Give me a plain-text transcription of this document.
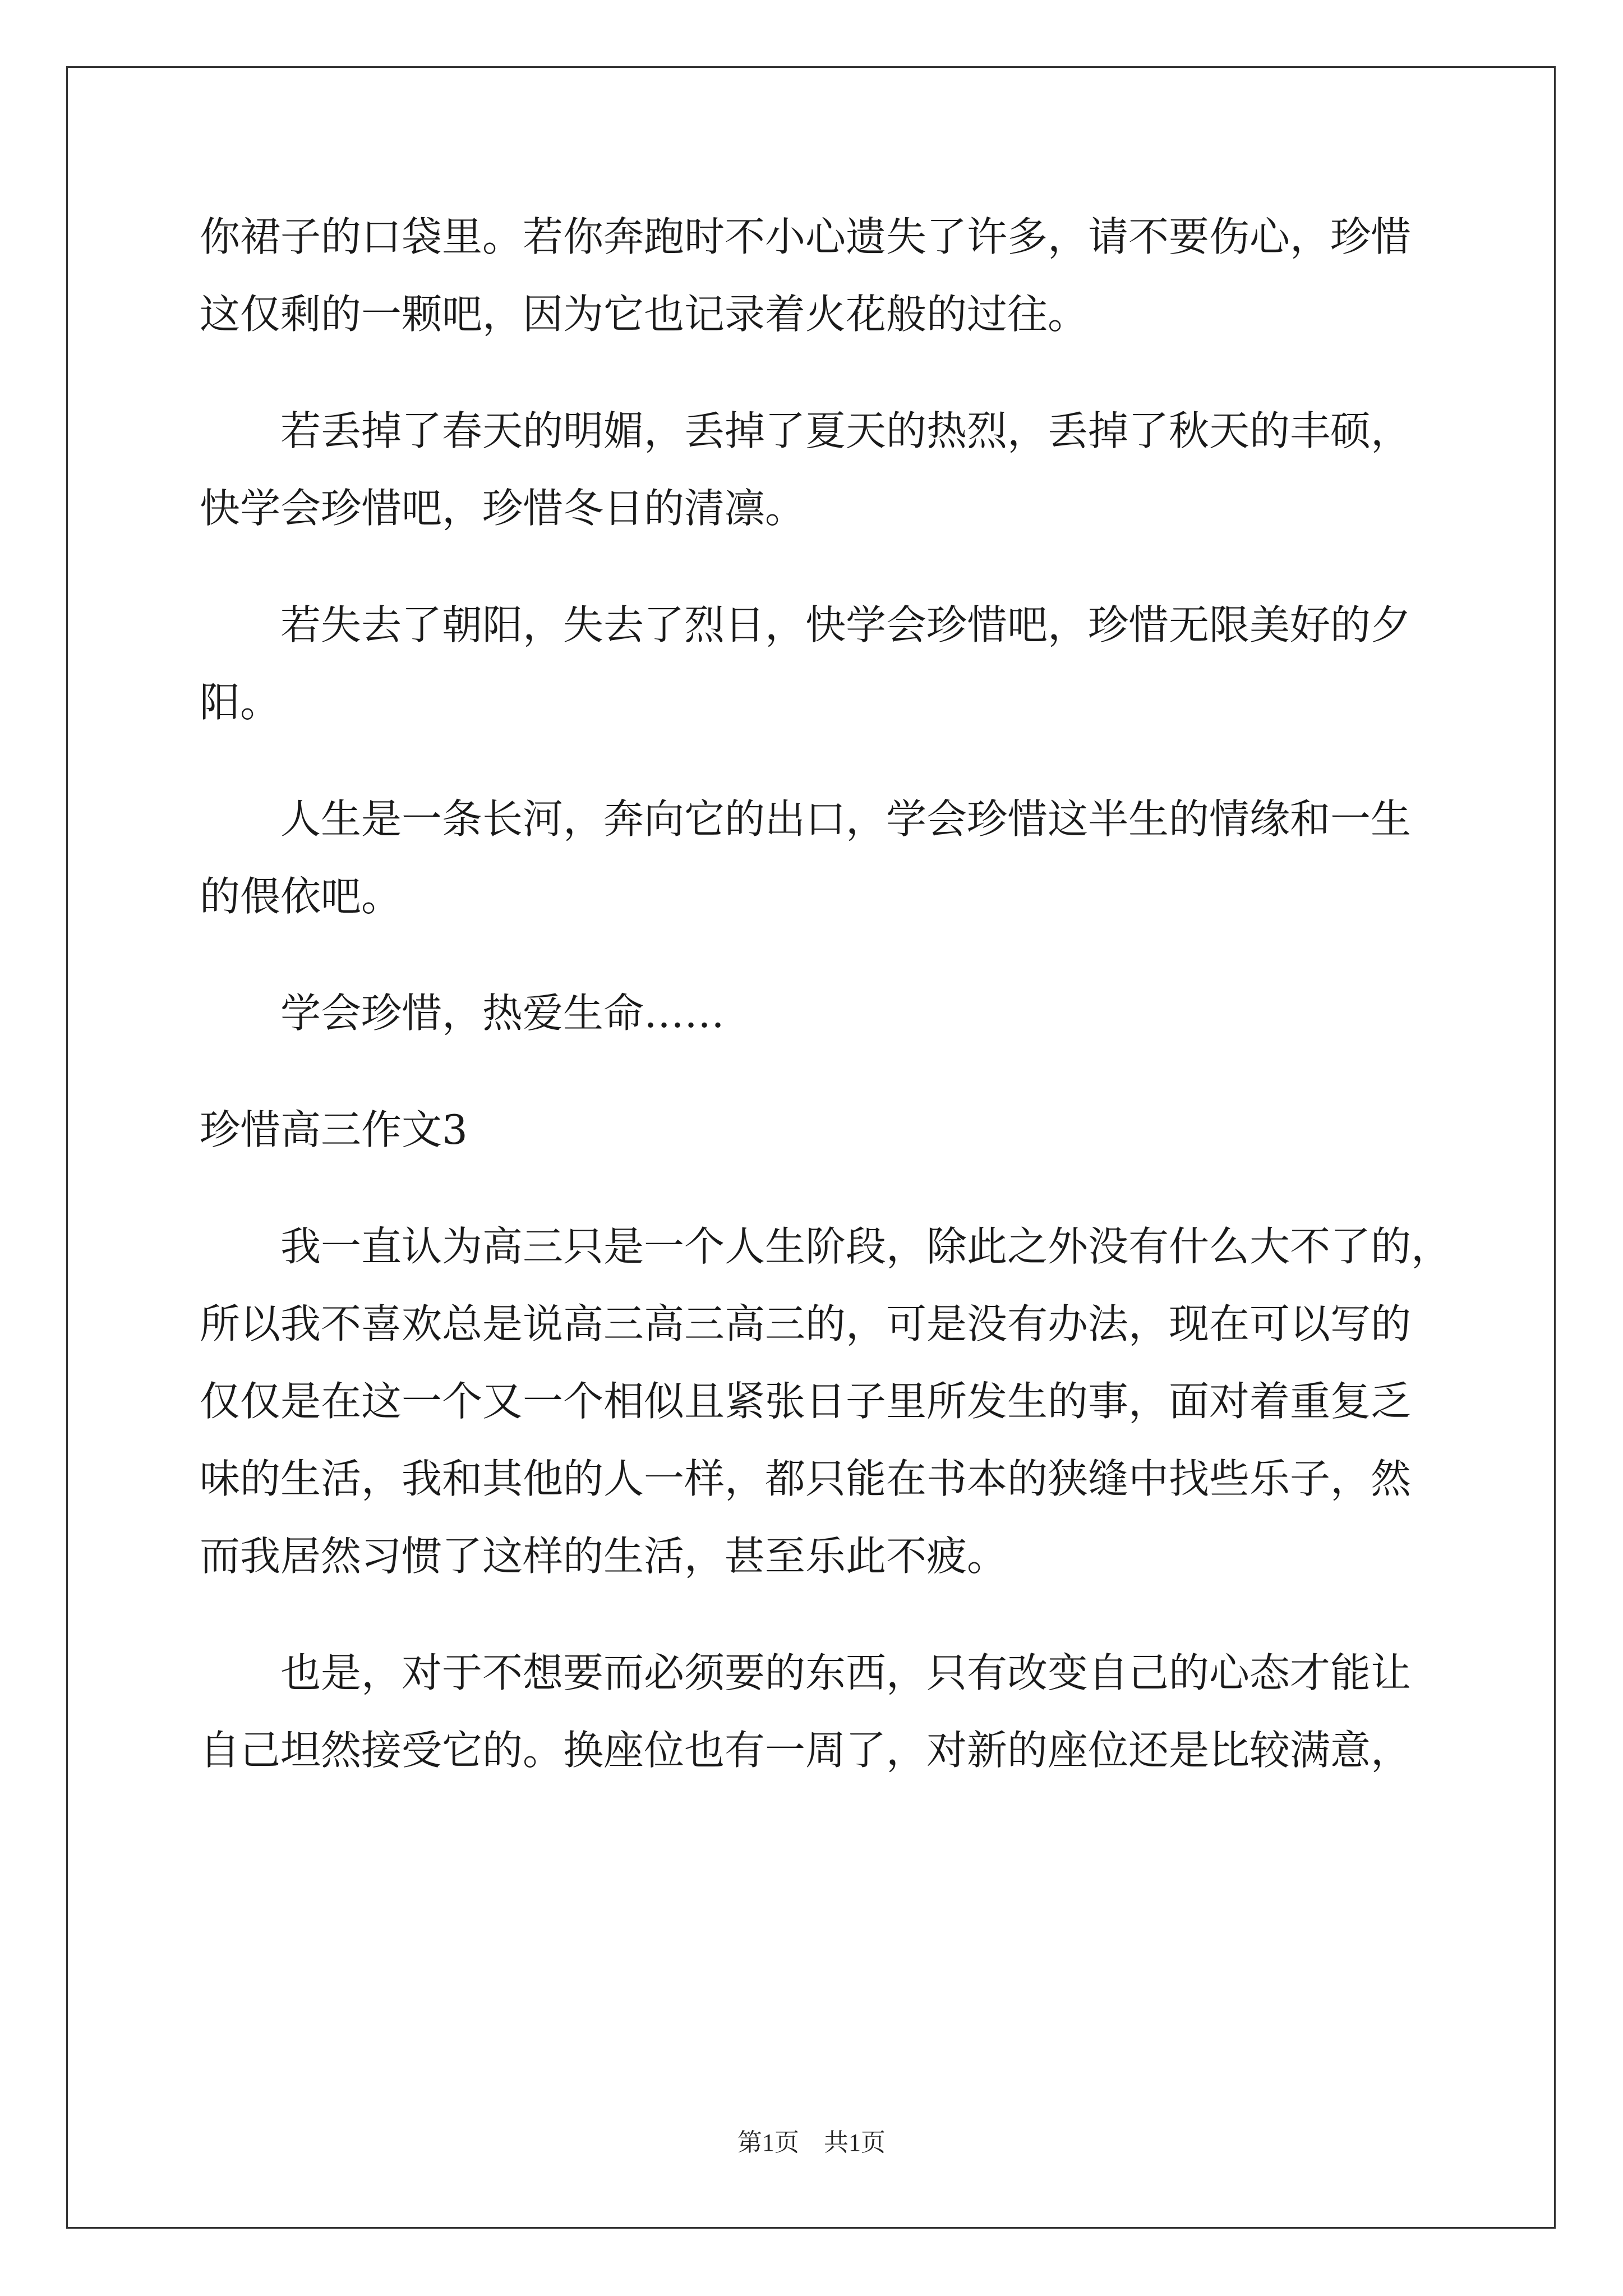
你裙子的口袋里。若你奔跑时不小心遗失了许多，请不要伤心，珍惜
这仅剩的一颗吧，因为它也记录着火花般的过往。
若丢掉了春天的明媚，丢掉了夏天的热烈，丢掉了秋天的丰硕，
快学会珍惜吧，珍惜冬日的清凛。
若失去了朝阳，失去了烈日，快学会珍惜吧，珍惜无限美好的夕
阳。
人生是一条长河，奔向它的出口，学会珍惜这半生的情缘和一生
的偎依吧。
学会珍惜，热爱生命……
珍惜高三作文3
我一直认为高三只是一个人生阶段，除此之外没有什么大不了的，
所以我不喜欢总是说高三高三高三的，可是没有办法，现在可以写的
仅仅是在这一个又一个相似且紧张日子里所发生的事，面对着重复乏
味的生活，我和其他的人一样，都只能在书本的狭缝中找些乐子，然
而我居然习惯了这样的生活，甚至乐此不疲。
也是，对于不想要而必须要的东西，只有改变自己的心态才能让
自己坦然接受它的。换座位也有一周了，对新的座位还是比较满意，
第1页　共1页
